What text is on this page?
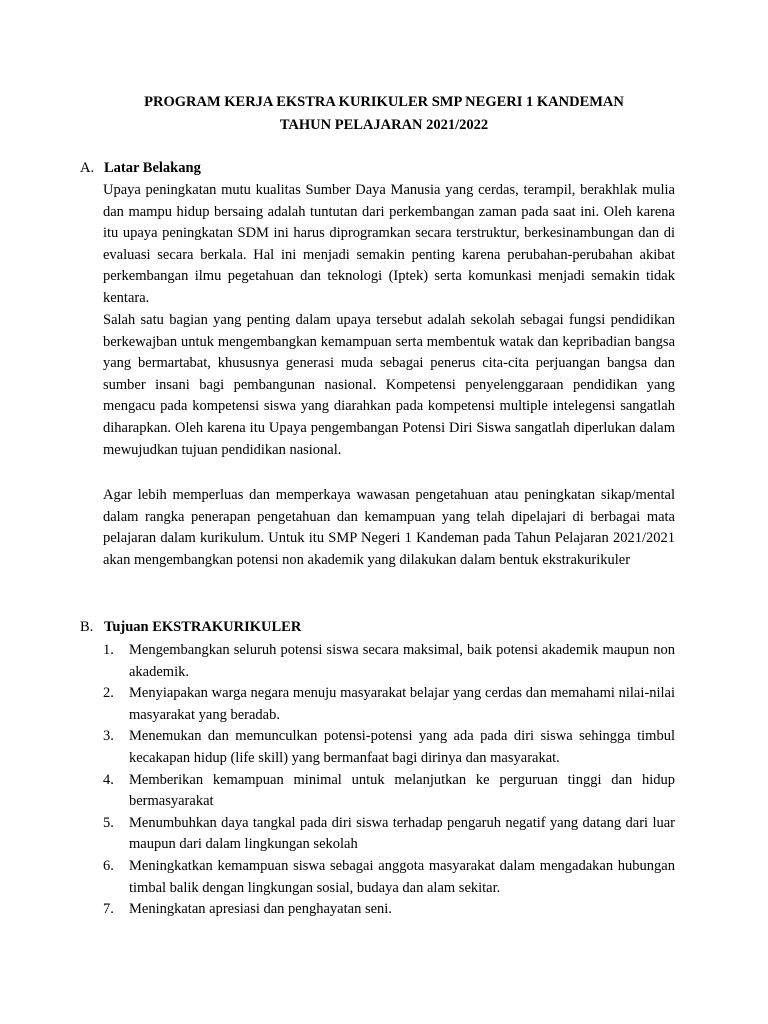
PROGRAM KERJA EKSTRA KURIKULER SMP NEGERI 1 KANDEMAN
TAHUN PELAJARAN 2021/2022
A. Latar Belakang
Upaya peningkatan mutu kualitas Sumber Daya Manusia yang cerdas, terampil, berakhlak mulia dan mampu hidup bersaing adalah tuntutan dari perkembangan zaman pada saat ini. Oleh karena itu upaya peningkatan SDM ini harus diprogramkan secara terstruktur, berkesinambungan dan di evaluasi secara berkala. Hal ini menjadi semakin penting karena perubahan-perubahan akibat perkembangan ilmu pegetahuan dan teknologi (Iptek) serta komunkasi menjadi semakin tidak kentara.
Salah satu bagian yang penting dalam upaya tersebut adalah sekolah sebagai fungsi pendidikan berkewajban untuk mengembangkan kemampuan serta membentuk watak dan kepribadian bangsa yang bermartabat, khususnya generasi muda sebagai penerus cita-cita perjuangan bangsa dan sumber insani bagi pembangunan nasional. Kompetensi penyelenggaraan pendidikan yang mengacu pada kompetensi siswa yang diarahkan pada kompetensi multiple intelegensi sangatlah diharapkan. Oleh karena itu Upaya pengembangan Potensi Diri Siswa sangatlah diperlukan dalam mewujudkan tujuan pendidikan nasional.
Agar lebih memperluas dan memperkaya wawasan pengetahuan atau peningkatan sikap/mental dalam rangka penerapan pengetahuan dan kemampuan yang telah dipelajari di berbagai mata pelajaran dalam kurikulum. Untuk itu SMP Negeri 1 Kandeman pada Tahun Pelajaran 2021/2021 akan mengembangkan potensi non akademik yang dilakukan dalam bentuk ekstrakurikuler
B. Tujuan EKSTRAKURIKULER
1. Mengembangkan seluruh potensi siswa secara maksimal, baik potensi akademik maupun non akademik.
2. Menyiapakan warga negara menuju masyarakat belajar yang cerdas dan memahami nilai-nilai masyarakat yang beradab.
3. Menemukan dan memunculkan potensi-potensi yang ada pada diri siswa sehingga timbul kecakapan hidup (life skill) yang bermanfaat bagi dirinya dan masyarakat.
4. Memberikan kemampuan minimal untuk melanjutkan ke perguruan tinggi dan hidup bermasyarakat
5. Menumbuhkan daya tangkal pada diri siswa terhadap pengaruh negatif yang datang dari luar maupun dari dalam lingkungan sekolah
6. Meningkatkan kemampuan siswa sebagai anggota masyarakat dalam mengadakan hubungan timbal balik dengan lingkungan sosial, budaya dan alam sekitar.
7. Meningkatan apresiasi dan penghayatan seni.
